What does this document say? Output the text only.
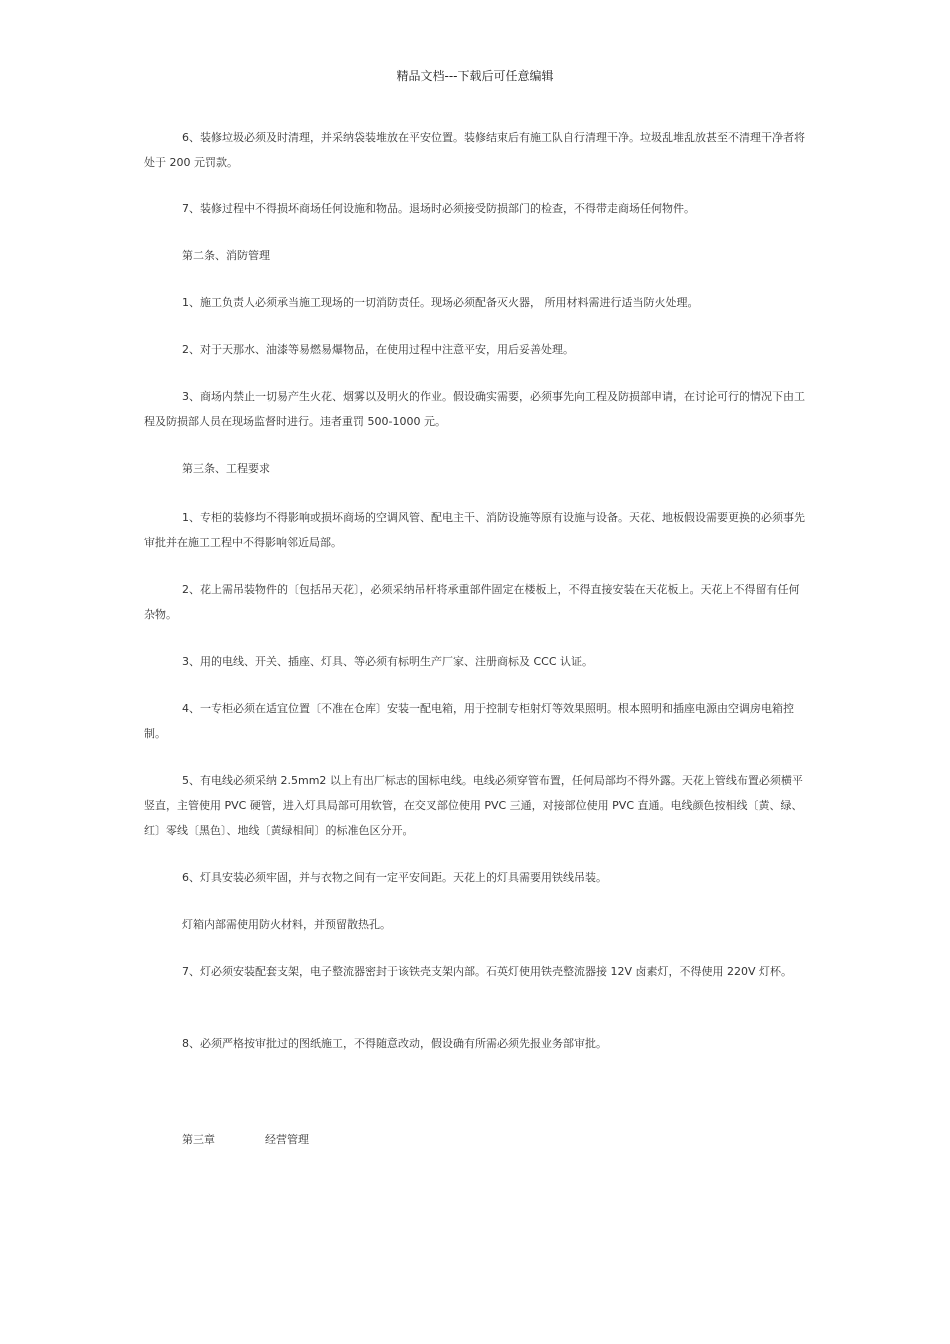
精品文档---下载后可任意编辑

6、装修垃圾必须及时清理，并采纳袋装堆放在平安位置。装修结束后有施工队自行清理干净。垃圾乱堆乱放甚至不清理干净者将处于 200 元罚款。

7、装修过程中不得损坏商场任何设施和物品。退场时必须接受防损部门的检查，不得带走商场任何物件。

第二条、消防管理

1、施工负责人必须承当施工现场的一切消防责任。现场必须配备灭火器， 所用材料需进行适当防火处理。

2、对于天那水、油漆等易燃易爆物品，在使用过程中注意平安，用后妥善处理。

3、商场内禁止一切易产生火花、烟雾以及明火的作业。假设确实需要，必须事先向工程及防损部申请，在讨论可行的情况下由工程及防损部人员在现场监督时进行。违者重罚 500-1000 元。

第三条、工程要求

1、专柜的装修均不得影响或损坏商场的空调风管、配电主干、消防设施等原有设施与设备。天花、地板假设需要更换的必须事先审批并在施工工程中不得影响邻近局部。

2、花上需吊装物件的〔包括吊天花〕，必须采纳吊杆将承重部件固定在楼板上，不得直接安装在天花板上。天花上不得留有任何杂物。

3、用的电线、开关、插座、灯具、等必须有标明生产厂家、注册商标及 CCC 认证。

4、一专柜必须在适宜位置〔不准在仓库〕安装一配电箱，用于控制专柜射灯等效果照明。根本照明和插座电源由空调房电箱控制。

5、有电线必须采纳 2.5mm2 以上有出厂标志的国标电线。电线必须穿管布置，任何局部均不得外露。天花上管线布置必须横平竖直，主管使用 PVC 硬管，进入灯具局部可用软管，在交叉部位使用 PVC 三通，对接部位使用 PVC 直通。电线颜色按相线〔黄、绿、红〕零线〔黑色〕、地线〔黄绿相间〕的标准色区分开。

6、灯具安装必须牢固，并与衣物之间有一定平安间距。天花上的灯具需要用铁线吊装。

灯箱内部需使用防火材料，并预留散热孔。

7、灯必须安装配套支架，电子整流器密封于该铁壳支架内部。石英灯使用铁壳整流器接 12V 卤素灯，不得使用 220V 灯杯。

8、必须严格按审批过的图纸施工，不得随意改动，假设确有所需必须先报业务部审批。

第三章	经营管理
